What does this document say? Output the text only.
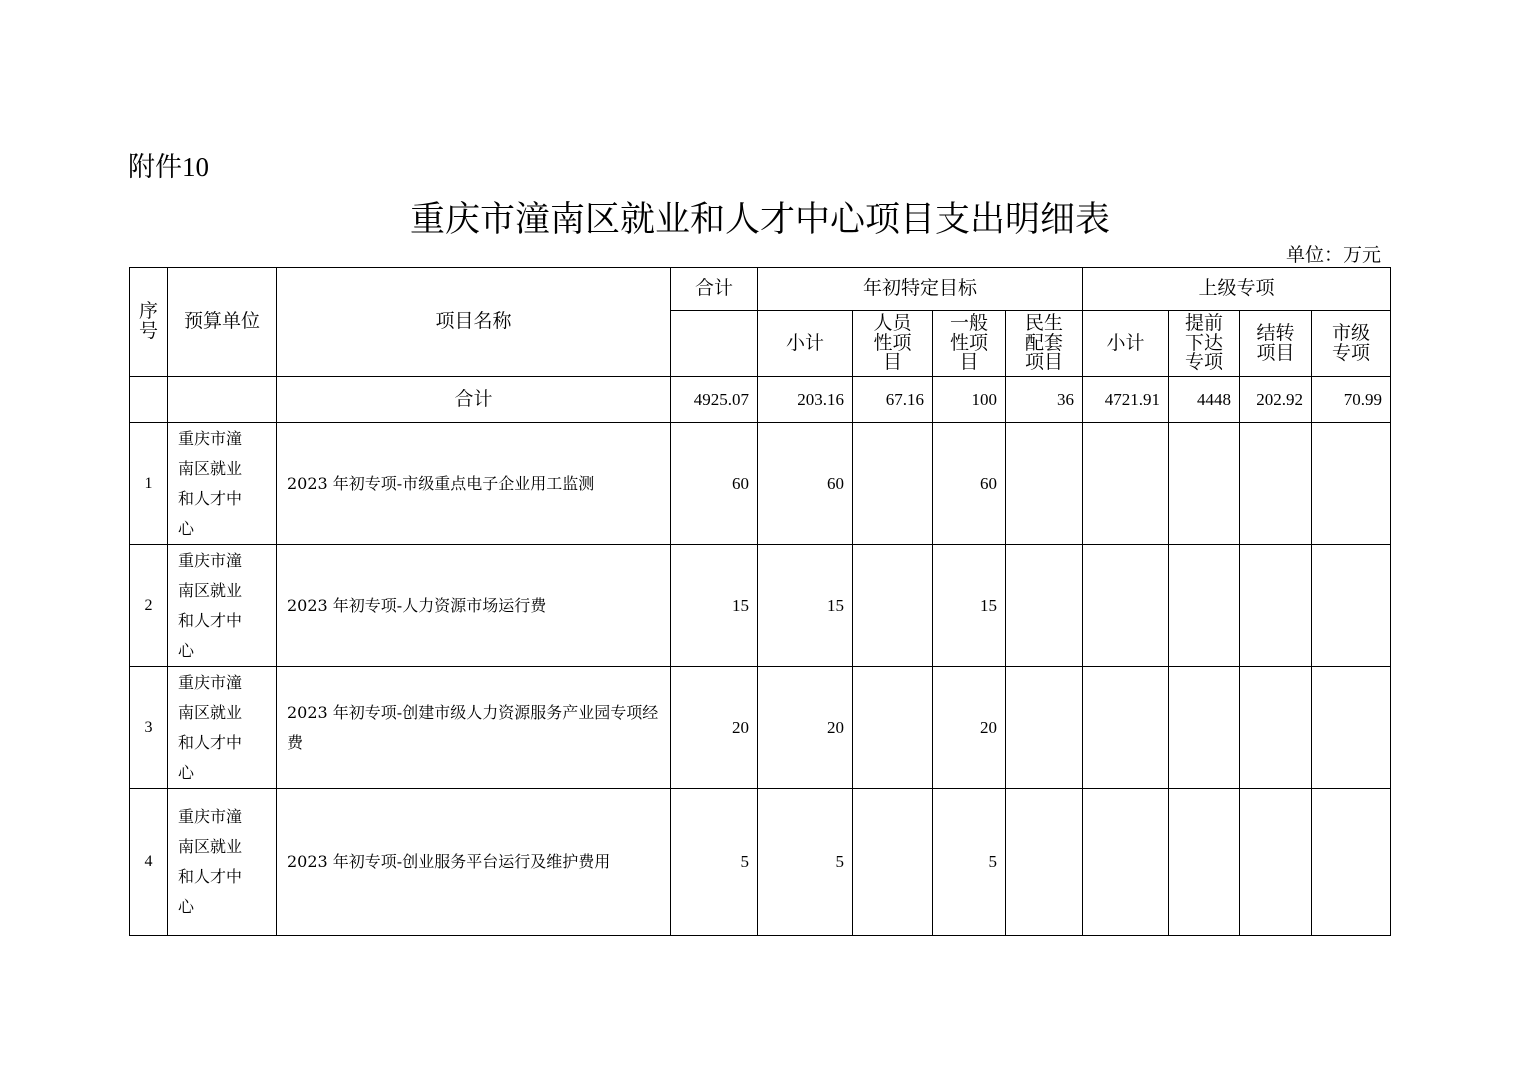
附件10
重庆市潼南区就业和人才中心项目支出明细表
单位：万元
序号	预算单位	项目名称	合计	年初特定目标				上级专项			
				小计	人员性项目	一般性项目	民生配套项目	小计	提前下达专项	结转项目	市级专项

		合计	4925.07	203.16	67.16	100	36	4721.91	4448	202.92	70.99
1	重庆市潼南区就业和人才中心	2023 年初专项-市级重点电子企业用工监测	60	60		60					
2	重庆市潼南区就业和人才中心	2023 年初专项-人力资源市场运行费	15	15		15					
3	重庆市潼南区就业和人才中心	2023 年初专项-创建市级人力资源服务产业园专项经费	20	20		20					
4	重庆市潼南区就业和人才中心	2023 年初专项-创业服务平台运行及维护费用	5	5		5					
